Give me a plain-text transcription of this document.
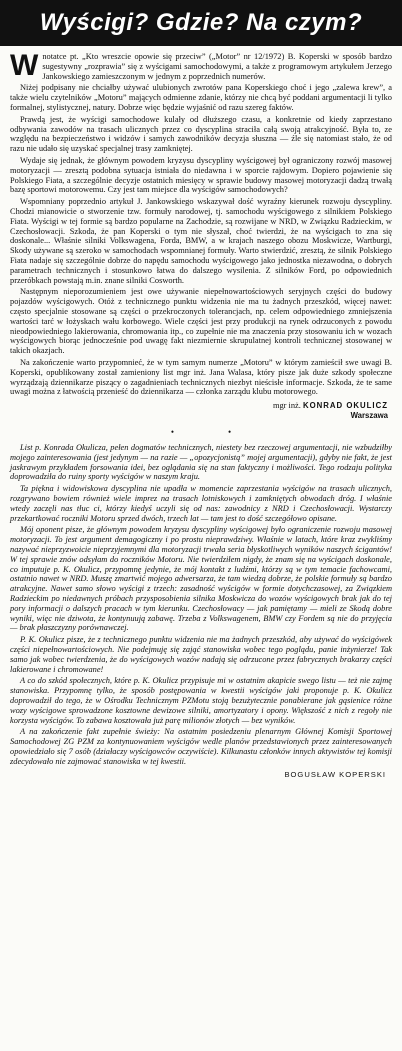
Wyścigi? Gdzie? Na czym?

Wnotatce pt. „Kto wreszcie opowie się przeciw” („Motor” nr 12/1972) B. Koperski w sposób bardzo sugestywny „rozprawia” się z wyścigami samochodowymi, a także z programowym artykułem Jerzego Jankowskiego zamieszczonym w jednym z poprzednich numerów.

Niżej podpisany nie chciałby używać ulubionych zwrotów pana Koperskiego choć i jego „zalewa krew”, a także wielu czytelników „Motoru” mających odmienne zdanie, którzy nie chcą być poddani argumentacji li tylko formalnej, stylistycznej, natury. Dobrze więc będzie wyjaśnić od razu szereg faktów.

Prawdą jest, że wyścigi samochodowe kulały od dłuższego czasu, a konkretnie od kiedy zaprzestano odbywania zawodów na trasach ulicznych przez co dyscyplina straciła całą swoją atrakcyjność. Była to, ze względu na bezpieczeństwo i widzów i samych zawodników decyzja słuszna — źle się natomiast stało, że od razu nie udało się uzyskać specjalnej trasy zamkniętej.

Wydaje się jednak, że głównym powodem kryzysu dyscypliny wyścigowej był ograniczony rozwój masowej motoryzacji — zresztą podobna sytuacja istniała do niedawna i w sporcie rajdowym. Dopiero pojawienie się Polskiego Fiata, a szczególnie decyzje ostatnich miesięcy w sprawie budowy masowej motoryzacji dadzą trwałą bazę sportowi motorowemu. Czy jest tam miejsce dla wyścigów samochodowych?

Wspomniany poprzednio artykuł J. Jankowskiego wskazywał dość wyraźny kierunek rozwoju dyscypliny. Chodzi mianowicie o stworzenie tzw. formuły narodowej, tj. samochodu wyścigowego z silnikiem Polskiego Fiata. Wyścigi w tej formie są bardzo popularne na Zachodzie, są rozwijane w NRD, w Związku Radzieckim, w Czechosłowacji. Szkoda, że pan Koperski o tym nie słyszał, choć twierdzi, że na wyścigach to zna się doskonale... Właśnie silniki Volkswagena, Forda, BMW, a w krajach naszego obozu Moskwicze, Wartburgi, Skody używane są szeroko w samochodach wspomnianej formuły. Warto stwierdzić, zresztą, że silnik Polskiego Fiata nadaje się szczególnie dobrze do napędu samochodu wyścigowego jako jednostka niezawodna, o dobrych parametrach technicznych i stosunkowo łatwa do dalszego wysilenia. Z silników Ford, po odpowiednich przeróbkach powstają m.in. znane silniki Cosworth.

Następnym nieporozumieniem jest owe używanie niepełnowartościowych seryjnych części do budowy pojazdów wyścigowych. Otóż z technicznego punktu widzenia nie ma tu żadnych przeszkód, więcej nawet: często specjalnie stosowane są części o przekroczonych tolerancjach, np. celem odpowiedniego zmniejszenia wartości tarć w łożyskach wału korbowego. Wiele części jest przy produkcji na rynek odrzuconych z powodu nieodpowiedniego lakierowania, chromowania itp., co zupełnie nie ma znaczenia przy stosowaniu ich w wozach wyścigowych biorąc jednocześnie pod uwagę fakt niezmiernie skrupulatnej kontroli technicznej stosowanej w takich okazjach.

Na zakończenie warto przypomnieć, że w tym samym numerze „Motoru” w którym zamieścił swe uwagi B. Koperski, opublikowany został zamieniony list mgr inż. Jana Walasa, który pisze jak duże szkody społeczne wyrządzają dziennikarze piszący o zagadnieniach technicznych niezbyt nieścisłe informacje. Szkoda, że te same uwagi można z łatwością przenieść do dziennikarza — członka zarządu klubu motorowego.

mgr inż. KONRAD OKULICZ
Warszawa
•	•

List p. Konrada Okulicza, pełen dogmatów technicznych, niestety bez rzeczowej argumentacji, nie wzbudziłby mojego zainteresowania (jest jedynym — na razie — „opozycjonistą” mojej argumentacji), gdyby nie fakt, że jest jaskrawym przykładem forsowania idei, bez oglądania się na stan faktyczny i możliwości. Tego rodzaju polityka doprowadziła do ruiny sporty wyścigów w naszym kraju.

Ta piękna i widowiskowa dyscyplina nie upadła w momencie zaprzestania wyścigów na trasach ulicznych, rozgrywano bowiem również wiele imprez na trasach lotniskowych i zamkniętych obwodach dróg. I właśnie wtedy zaczęli nas tłuc ci, którzy kiedyś uczyli się od nas: zawodnicy z NRD i Czechosłowacji. Wystarczy przekartkować roczniki Motoru sprzed dwóch, trzech lat — tam jest to dość szczegółowo opisane.

Mój oponent pisze, że głównym powodem kryzysu dyscypliny wyścigowej było ograniczenie rozwoju masowej motoryzacji. To jest argument demagogiczny i po prostu nieprawdziwy. Właśnie w latach, które kraz zwykliśmy nazywać nieprzyzwoicie nieprzyjemnymi dla motoryzacji trwała seria błyskotliwych wyników naszych ścigantów! W tej sprawie znów odsyłam do roczników Motoru. Nie twierdziłem nigdy, że znam się na wyścigach doskonale, co imputuje p. K. Okulicz, przypomnę jedynie, że mój kontakt z ludźmi, którzy są w tym temacie fachowcami, ostatnio nawet w NRD. Muszę zmartwić mojego adwersarza, że tam wiedzą dobrze, że polskie formuły są bardzo atrakcyjne. Nawet samo słowo wyścigi z trzech: zasadność wyścigów w formie dotychczasowej, za Związkiem Radzieckim po niedawnych próbach przysposobienia silnika Moskwicza do wozów wyścigowych brak jak do tej pory informacji o dalszych pracach w tym kierunku. Czechosłowacy — jak pamiętamy — mieli ze Skodą dobre wyniki, więc nie dziwota, że kontynuują zabawę. Trzeba z Volkswagenem, BMW czy Fordem są nie do przyjęcia — brak płaszczyzny porównawczej.

P. K. Okulicz pisze, że z technicznego punktu widzenia nie ma żadnych przeszkód, aby używać do wyścigówek części niepełnowartościowych. Nie podejmuję się zająć stanowiska wobec tego poglądu, panie inżynierze! Tak samo jak wobec twierdzenia, że do wyścigowych wozów nadają się odrzucone przez fabrycznych brakarzy części lakierowane i chromowane!

A co do szkód społecznych, które p. K. Okulicz przypisuje mi w ostatnim akapicie swego listu — też nie zajmę stanowiska. Przypomnę tylko, że sposób postępowania w kwestii wyścigów jaki proponuje p. K. Okulicz doprowadził do tego, że w Ośrodku Technicznym PZMotu stoją bezużytecznie ponabierane jak gąsienice różne wozy wyścigowe sprowadzone kosztowne dewizowe silniki, amortyzatory i opony. Większość z nich z regoły nie korzysta wyścigów. To zabawa kosztowała już parę milionów złotych — bez wyników.

A na zakończenie fakt zupełnie świeży: Na ostatnim posiedzeniu plenarnym Głównej Komisji Sportowej Samochodowej ZG PZM za kontynuowaniem wyścigów wedle planów przedstawionych przez zainteresowanych opowiedziało się 7 osób (działaczy wyścigowców oczywiście). Kilkunastu członków innych aktywistów tej komisji zdecydowało nie zajmować stanowiska w tej kwestii.

BOGUSŁAW KOPERSKI
